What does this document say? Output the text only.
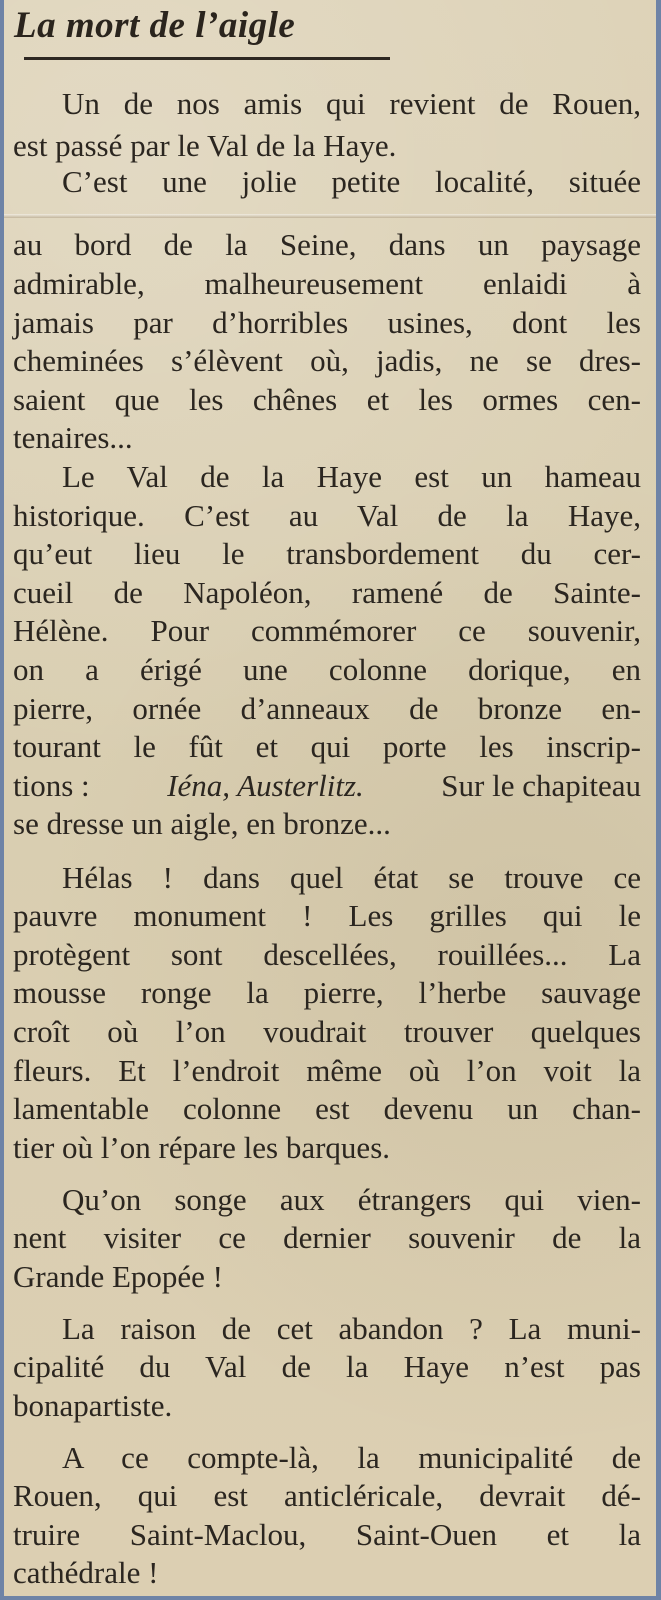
La mort de l’aigle
Un de nos amis qui revient de Rouen,
est passé par le Val de la Haye.
C’est une jolie petite localité, située
au bord de la Seine, dans un paysage
admirable, malheureusement enlaidi à
jamais par d’horribles usines, dont les
cheminées s’élèvent où, jadis, ne se dres-
saient que les chênes et les ormes cen-
tenaires...
Le Val de la Haye est un hameau
historique. C’est au Val de la Haye,
qu’eut lieu le transbordement du cer-
cueil de Napoléon, ramené de Sainte-
Hélène. Pour commémorer ce souvenir,
on a érigé une colonne dorique, en
pierre, ornée d’anneaux de bronze en-
tourant le fût et qui porte les inscrip-
tions :	Iéna, Austerlitz.	Sur le chapiteau
se dresse un aigle, en bronze...
Hélas ! dans quel état se trouve ce
pauvre monument ! Les grilles qui le
protègent sont descellées, rouillées... La
mousse ronge la pierre, l’herbe sauvage
croît où l’on voudrait trouver quelques
fleurs. Et l’endroit même où l’on voit la
lamentable colonne est devenu un chan-
tier où l’on répare les barques.
Qu’on songe aux étrangers qui vien-
nent visiter ce dernier souvenir de la
Grande Epopée !
La raison de cet abandon ? La muni-
cipalité du Val de la Haye n’est pas
bonapartiste.
A ce compte-là, la municipalité de
Rouen, qui est anticléricale, devrait dé-
truire Saint-Maclou, Saint-Ouen et la
cathédrale !
